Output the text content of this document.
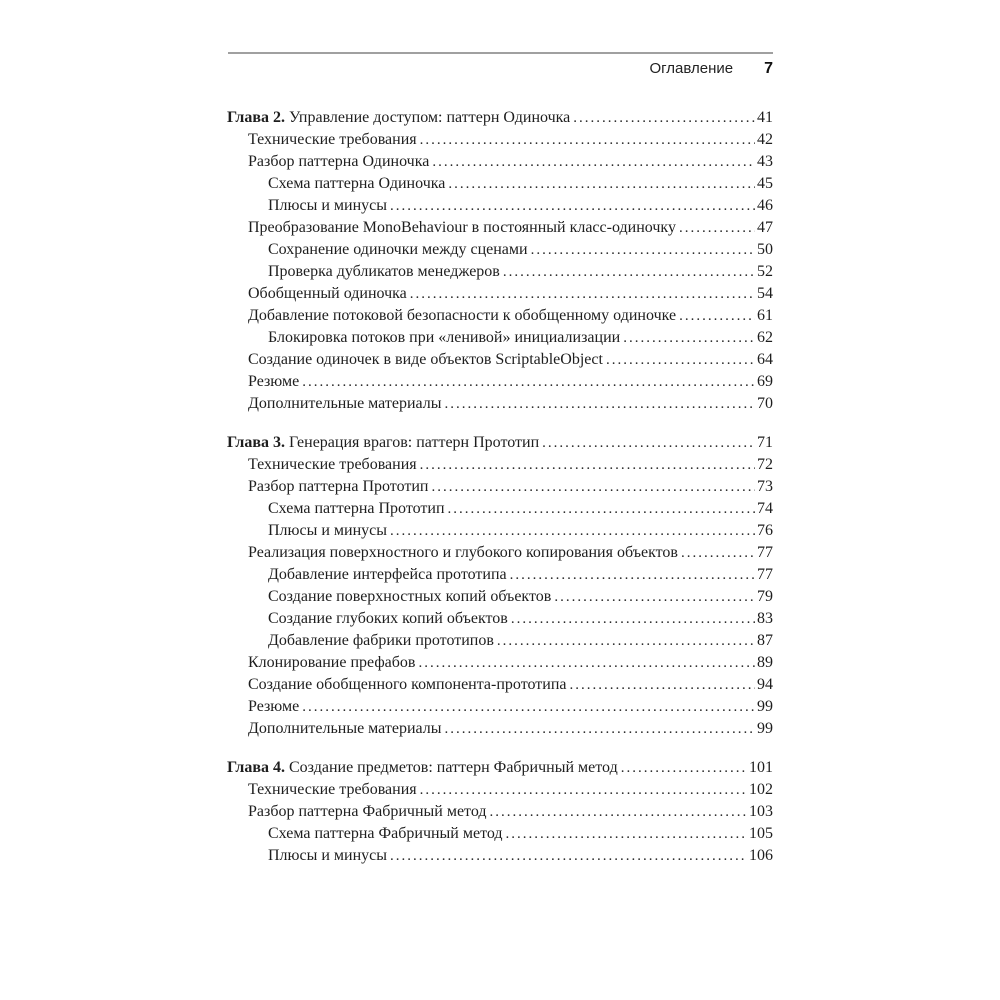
Оглавление 7
Глава 2. Управление доступом: паттерн Одиночка .....	41
Технические требования .....	42
Разбор паттерна Одиночка .....	43
Схема паттерна Одиночка .....	45
Плюсы и минусы .....	46
Преобразование MonoBehaviour в постоянный класс-одиночку .....	47
Сохранение одиночки между сценами .....	50
Проверка дубликатов менеджеров .....	52
Обобщенный одиночка .....	54
Добавление потоковой безопасности к обобщенному одиночке .....	61
Блокировка потоков при «ленивой» инициализации .....	62
Создание одиночек в виде объектов ScriptableObject .....	64
Резюме .....	69
Дополнительные материалы .....	70
Глава 3. Генерация врагов: паттерн Прототип .....	71
Технические требования .....	72
Разбор паттерна Прототип .....	73
Схема паттерна Прототип .....	74
Плюсы и минусы .....	76
Реализация поверхностного и глубокого копирования объектов .....	77
Добавление интерфейса прототипа .....	77
Создание поверхностных копий объектов .....	79
Создание глубоких копий объектов .....	83
Добавление фабрики прототипов .....	87
Клонирование префабов .....	89
Создание обобщенного компонента-прототипа .....	94
Резюме .....	99
Дополнительные материалы .....	99
Глава 4. Создание предметов: паттерн Фабричный метод .....	101
Технические требования .....	102
Разбор паттерна Фабричный метод .....	103
Схема паттерна Фабричный метод .....	105
Плюсы и минусы .....	106
